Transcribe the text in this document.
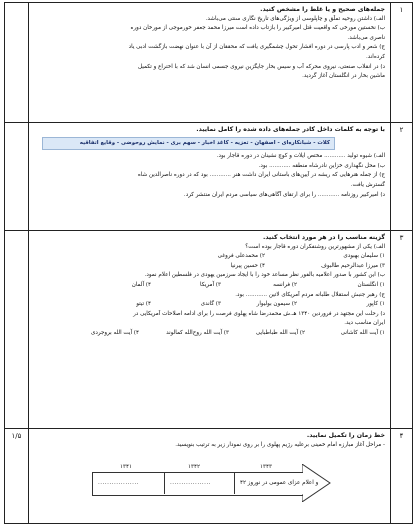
جمله‌های صحیح و یا غلط را مشخص کنید.
الف) داشتن روحیه تملّق و چاپلوسی از ویژگی‌های تاریخ نگاری سنتی می‌باشد.
ب) نخستین مورخی که واقعیت قتل امیرکبیر را بازتاب داده است میرزا محمد جعفر خورموجی از مورخان دوره
ناصری می‌باشد.
ج) شعر و ادب پارسی در دوره افشار تحول چشمگیری یافت که محققان از آن با عنوان نهضت بازگشت ادبی یاد
کرده‌اند.
د) در انقلاب صنعتی، نیروی محرکه آب و سیس بخار جایگزین نیروی جسمی انسان شد که با اختراع و تکمیل
ماشین بخار در انگلستان آغاز گردید.
۱
با توجه به کلمات داخل کادر جمله‌های داده شده را کامل نمایید.
کلات - شبانکاره‌ای - اصفهان - تعزیه - کاغذ اخبار - سهم بری - نمایش روحوضی - وقایع اتفاقیه
الف) شیوه تولید ............ مختص ایلات و کوچ نشینان در دوره قاجار بود.
ب) محل نگهداری خزاین نادرشاه منطقه ............ بود.
ج) از جمله هنرهایی که ریشه در آیین‌های باستانی ایران داشت هنر ............ بود که در دوره ناصرالدین شاه
گسترش یافت.
د) امیرکبیر روزنامه ............ را برای ارتقای آگاهی‌های سیاسی مردم ایران منتشر کرد.
۲
گزینه مناسب را در هر مورد انتخاب کنید.
الف) یکی از مشهورترین روشنفکران دوره قاجار بوده است؟
۱) سلیمان بهبودی
۲) محمدعلی فروغی
۳) میرزا عبدالرحیم طالبوف
۴) حسین پیرنیا
ب) این کشور با صدور اعلامیه بالفور نظر مساعد خود را با ایجاد سرزمین یهودی در فلسطین اعلام نمود.
۱) انگلستان
۲) فرانسه
۳) آمریکا
۴) آلمان
ج) رهبر جنبش استقلال طلبانه مردم آمریکای لاتین ............ بود.
۱) کاپور
۲) سیمون بولیوار
۳) گاندی
۴) تیتو
د) رحلت این مجتهد در فروردین ۱۳۴۰ هـ.ش محمدرضا شاه پهلوی فرصت را برای ادامه اصلاحات آمریکایی در
ایران مناسب دید.
۱) آیت الله کاشانی
۲) آیت الله طباطبایی
۳) آیت الله روح‌الله کمالوند
۴) آیت الله بروجردی
۳
۱/۵	خط زمان را تکمیل نمایید.
- مراحل آغاز مبارزه امام خمینی برعلیه رژیم پهلوی را بر روی نمودار زیر به ترتیب بنویسید.
۱۳۴۱	۱۳۴۲	۱۳۴۳
..................	..................	و اعلام عزای عمومی در نوروز ۴۲
۴
